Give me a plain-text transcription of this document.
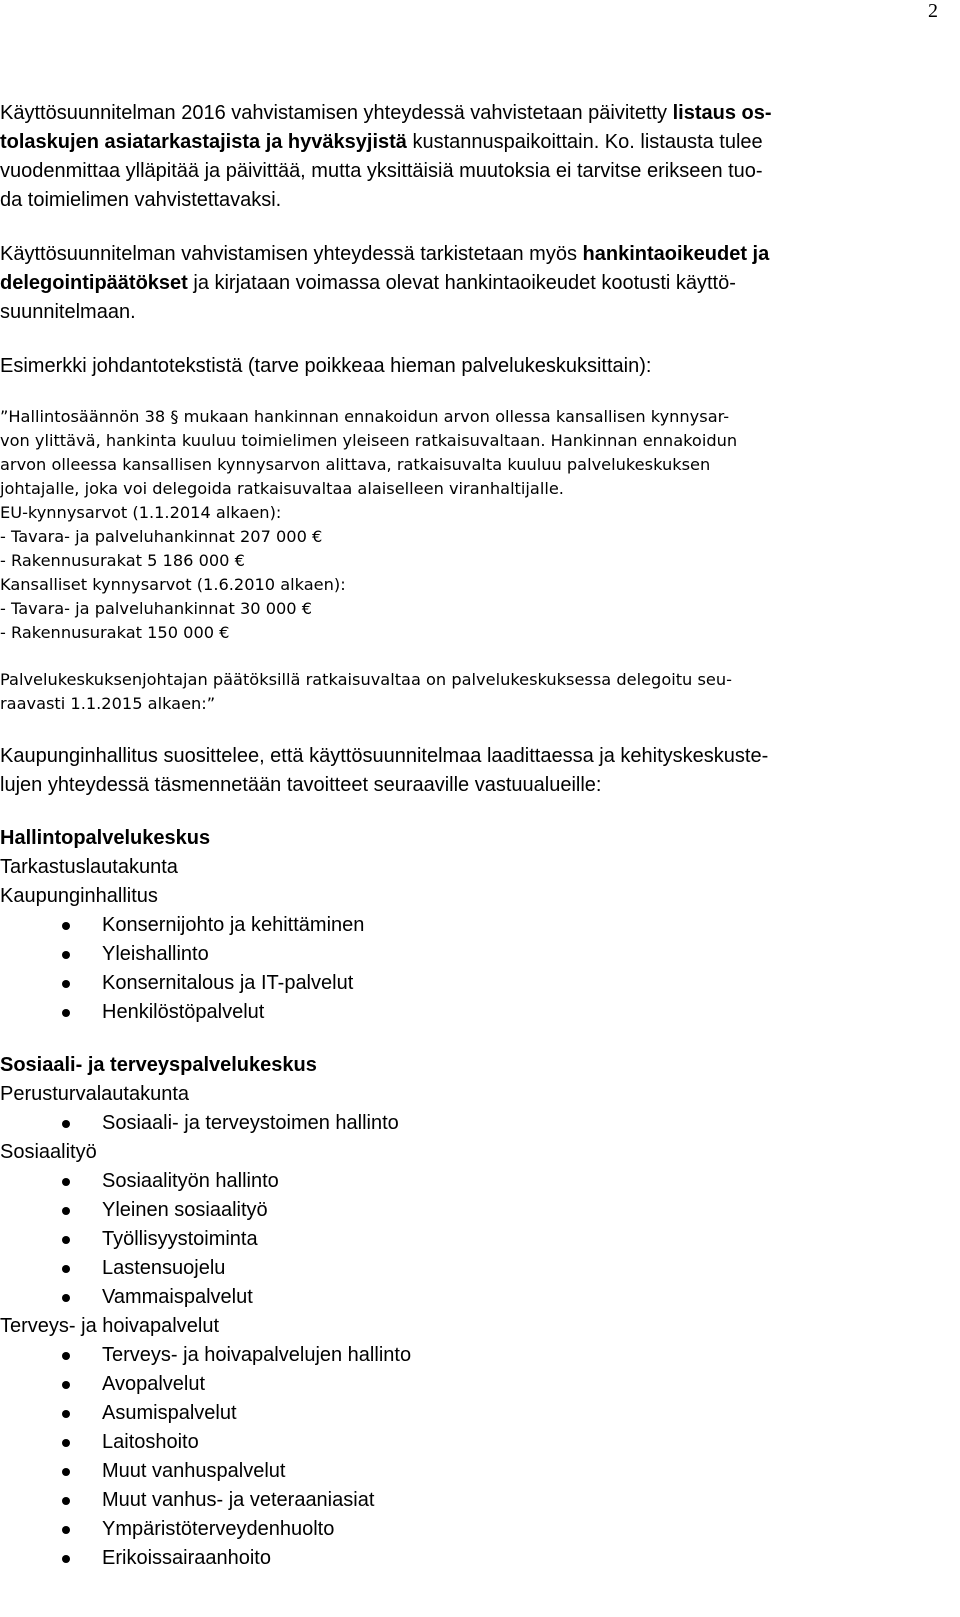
2

Käyttösuunnitelman 2016 vahvistamisen yhteydessä vahvistetaan päivitetty listaus os-

tolaskujen asiatarkastajista ja hyväksyjistä kustannuspaikoittain. Ko. listausta tulee

vuodenmittaa ylläpitää ja päivittää, mutta yksittäisiä muutoksia ei tarvitse erikseen tuo-

da toimielimen vahvistettavaksi.

Käyttösuunnitelman vahvistamisen yhteydessä tarkistetaan myös hankintaoikeudet ja

delegointipäätökset ja kirjataan voimassa olevat hankintaoikeudet kootusti käyttö-

suunnitelmaan.

Esimerkki johdantotekstistä (tarve poikkeaa hieman palvelukeskuksittain):

”Hallintosäännön 38 § mukaan hankinnan ennakoidun arvon ollessa kansallisen kynnysar-
von ylittävä, hankinta kuuluu toimielimen yleiseen ratkaisuvaltaan. Hankinnan ennakoidun
arvon olleessa kansallisen kynnysarvon alittava, ratkaisuvalta kuuluu palvelukeskuksen
johtajalle, joka voi delegoida ratkaisuvaltaa alaiselleen viranhaltijalle.
EU-kynnysarvot (1.1.2014 alkaen):
- Tavara- ja palveluhankinnat 207 000 €
- Rakennusurakat 5 186 000 €
Kansalliset kynnysarvot (1.6.2010 alkaen):
- Tavara- ja palveluhankinnat 30 000 €
- Rakennusurakat 150 000 €
Palvelukeskuksenjohtajan päätöksillä ratkaisuvaltaa on palvelukeskuksessa delegoitu seu-
raavasti 1.1.2015 alkaen:”

Kaupunginhallitus suosittelee, että käyttösuunnitelmaa laadittaessa ja kehityskeskuste-

lujen yhteydessä täsmennetään tavoitteet seuraaville vastuualueille:

Hallintopalvelukeskus

Tarkastuslautakunta
Kaupunginhallitus
Konsernijohto ja kehittäminen
Yleishallinto
Konsernitalous ja IT-palvelut
Henkilöstöpalvelut

Sosiaali- ja terveyspalvelukeskus

Perusturvalautakunta
Sosiaali- ja terveystoimen hallinto
Sosiaalityö
Sosiaalityön hallinto
Yleinen sosiaalityö
Työllisyystoiminta
Lastensuojelu
Vammaispalvelut
Terveys- ja hoivapalvelut
Terveys- ja hoivapalvelujen hallinto
Avopalvelut
Asumispalvelut
Laitoshoito
Muut vanhuspalvelut
Muut vanhus- ja veteraaniasiat
Ympäristöterveydenhuolto
Erikoissairaanhoito
